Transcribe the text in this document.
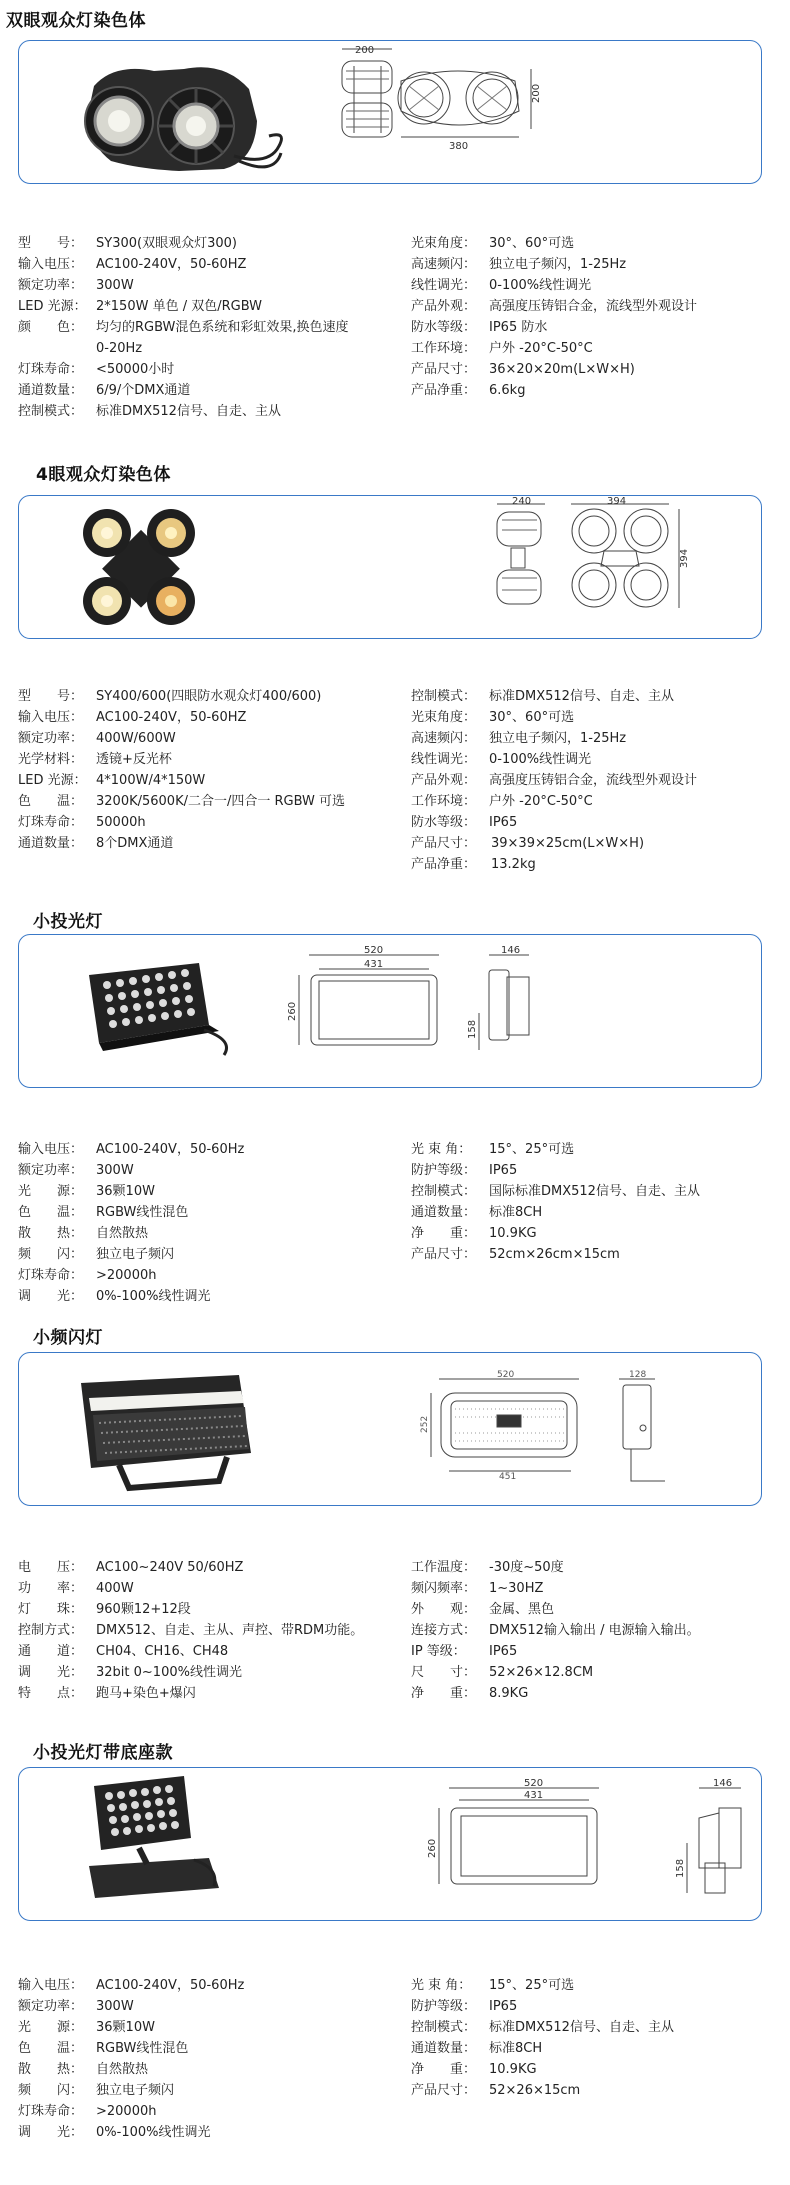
双眼观众灯染色体
200
380
200
型　　号： SY300(双眼观众灯300)
输入电压： AC100-240V，50-60HZ
额定功率： 300W
LED 光源： 2*150W 单色 / 双色/RGBW
颜　　色： 均匀的RGBW混色系统和彩虹效果,换色速度
0-20Hz
灯珠寿命： <50000小时
通道数量： 6/9/个DMX通道
控制模式： 标准DMX512信号、自走、主从
光束角度： 30°、60°可选
高速频闪： 独立电子频闪，1-25Hz
线性调光： 0-100%线性调光
产品外观： 高强度压铸铝合金，流线型外观设计
防水等级： IP65 防水
工作环境： 户外 -20°C-50°C
产品尺寸： 36×20×20m(L×W×H)
产品净重： 6.6kg
4眼观众灯染色体
240	394
394
型　　号： SY400/600(四眼防水观众灯400/600)
输入电压： AC100-240V，50-60HZ
额定功率： 400W/600W
光学材料： 透镜+反光杯
LED 光源： 4*100W/4*150W
色　　温： 3200K/5600K/二合一/四合一 RGBW 可选
灯珠寿命： 50000h
通道数量： 8个DMX通道
控制模式： 标准DMX512信号、自走、主从
光束角度： 30°、60°可选
高速频闪： 独立电子频闪，1-25Hz
线性调光： 0-100%线性调光
产品外观： 高强度压铸铝合金，流线型外观设计
工作环境： 户外 -20°C-50°C
防水等级： IP65
产品尺寸： 39×39×25cm(L×W×H)
产品净重： 13.2kg
小投光灯
520
431
260
146
158
输入电压： AC100-240V，50-60Hz
额定功率： 300W
光　　源： 36颗10W
色　　温： RGBW线性混色
散　　热： 自然散热
频　　闪： 独立电子频闪
灯珠寿命： >20000h
调　　光： 0%-100%线性调光
光 束 角： 15°、25°可选
防护等级： IP65
控制模式： 国际标准DMX512信号、自走、主从
通道数量： 标准8CH
净　　重： 10.9KG
产品尺寸： 52cm×26cm×15cm
小频闪灯
520
252
451
128
电　　压： AC100~240V 50/60HZ
功　　率： 400W
灯　　珠： 960颗12+12段
控制方式： DMX512、自走、主从、声控、带RDM功能。
通　　道： CH04、CH16、CH48
调　　光： 32bit 0~100%线性调光
特　　点： 跑马+染色+爆闪
工作温度： -30度~50度
频闪频率： 1~30HZ
外　　观： 金属、黑色
连接方式： DMX512输入输出 / 电源输入输出。
IP 等级： IP65
尺　　寸： 52×26×12.8CM
净　　重： 8.9KG
小投光灯带底座款
520
431
260
146
158
输入电压： AC100-240V，50-60Hz
额定功率： 300W
光　　源： 36颗10W
色　　温： RGBW线性混色
散　　热： 自然散热
频　　闪： 独立电子频闪
灯珠寿命： >20000h
调　　光： 0%-100%线性调光
光 束 角： 15°、25°可选
防护等级： IP65
控制模式： 标准DMX512信号、自走、主从
通道数量： 标准8CH
净　　重： 10.9KG
产品尺寸： 52×26×15cm
